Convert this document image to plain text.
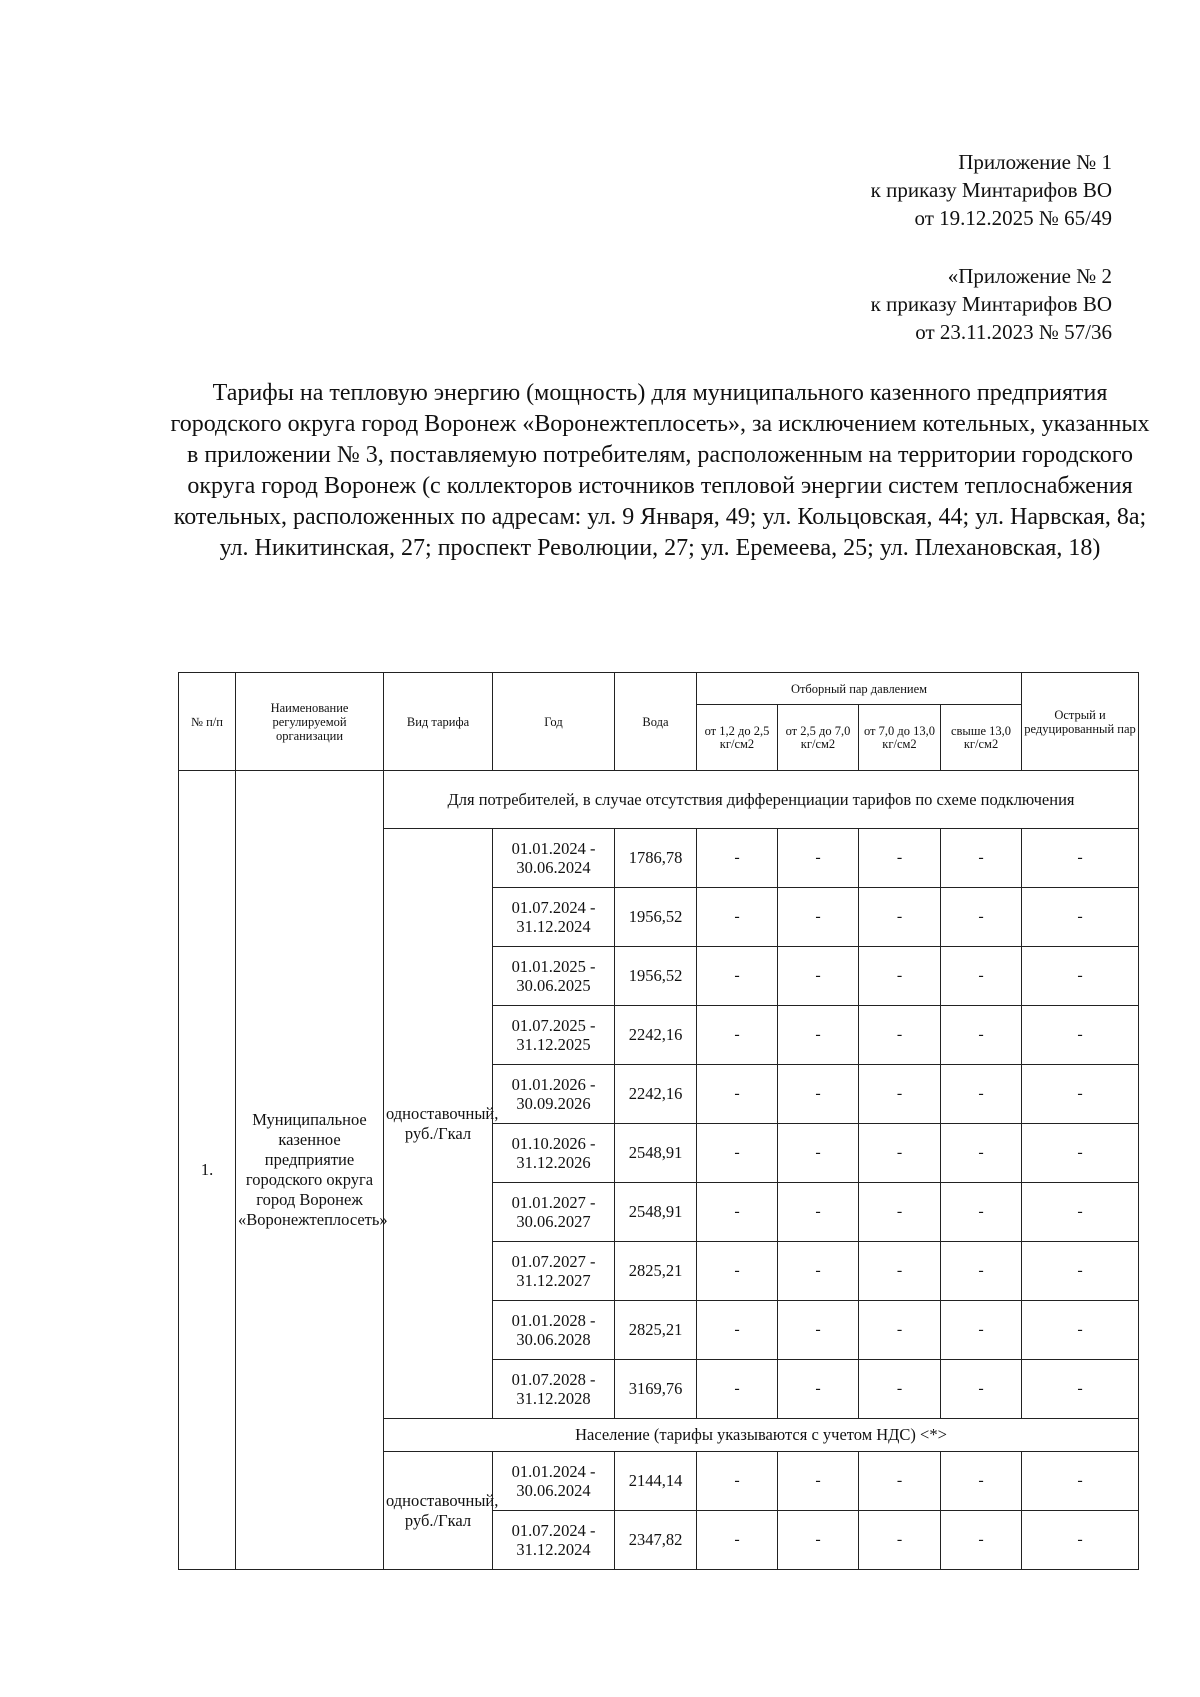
Приложение № 1
к приказу Минтарифов ВО
от 19.12.2025 № 65/49
«Приложение № 2
к приказу Минтарифов ВО
от 23.11.2023 № 57/36
Тарифы на тепловую энергию (мощность) для муниципального казенного предприятия городского округа город Воронеж «Воронежтеплосеть», за исключением котельных, указанных в приложении № 3, поставляемую потребителям, расположенным на территории городского округа город Воронеж (с коллекторов источников тепловой энергии систем теплоснабжения котельных, расположенных по адресам: ул. 9 Января, 49; ул. Кольцовская, 44; ул. Нарвская, 8а; ул. Никитинская, 27; проспект Революции, 27; ул. Еремеева, 25; ул. Плехановская, 18)
№ п/п	Наименование регулируемой организации	Вид тарифа	Год	Вода	Отборный пар давлением				Острый и редуцированный пар
					от 1,2 до 2,5 кг/см2	от 2,5 до 7,0 кг/см2	от 7,0 до 13,0 кг/см2	свыше 13,0 кг/см2	
1.	Муниципальное казенное предприятие городского округа город Воронеж «Воронежтеплосеть»	Для потребителей, в случае отсутствия дифференциации тарифов по схеме подключения							
		одноставочный, руб./Гкал	01.01.2024 - 30.06.2024	1786,78	-	-	-	-	-
			01.07.2024 - 31.12.2024	1956,52	-	-	-	-	-
			01.01.2025 - 30.06.2025	1956,52	-	-	-	-	-
			01.07.2025 - 31.12.2025	2242,16	-	-	-	-	-
			01.01.2026 - 30.09.2026	2242,16	-	-	-	-	-
			01.10.2026 - 31.12.2026	2548,91	-	-	-	-	-
			01.01.2027 - 30.06.2027	2548,91	-	-	-	-	-
			01.07.2027 - 31.12.2027	2825,21	-	-	-	-	-
			01.01.2028 - 30.06.2028	2825,21	-	-	-	-	-
			01.07.2028 - 31.12.2028	3169,76	-	-	-	-	-
		Население (тарифы указываются с учетом НДС) <*>							
		одноставочный, руб./Гкал	01.01.2024 - 30.06.2024	2144,14	-	-	-	-	-
			01.07.2024 - 31.12.2024	2347,82	-	-	-	-	-
